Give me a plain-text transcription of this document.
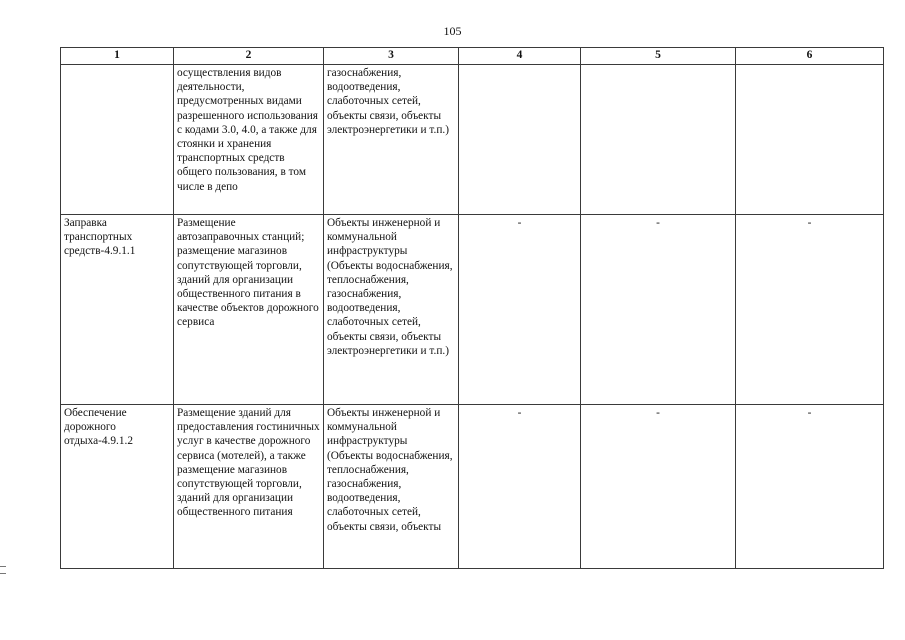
105
1	2	3	4	5	6
	осуществления видов деятельности, предусмотренных видами разрешенного использования с кодами 3.0, 4.0, а также для стоянки и хранения транспортных средств общего пользования, в том числе в депо	газоснабжения, водоотведения, слаботочных сетей, объекты связи, объекты электроэнергетики и т.п.)			
Заправка транспортных средств-4.9.1.1	Размещение автозаправочных станций; размещение магазинов сопутствующей торговли, зданий для организации общественного питания в качестве объектов дорожного сервиса	Объекты инженерной и коммунальной инфраструктуры (Объекты водоснабжения, теплоснабжения, газоснабжения, водоотведения, слаботочных сетей, объекты связи, объекты электроэнергетики и т.п.)	-	-	-
Обеспечение дорожного отдыха-4.9.1.2	Размещение зданий для предоставления гостиничных услуг в качестве дорожного сервиса (мотелей), а также размещение магазинов сопутствующей торговли, зданий для организации общественного питания	Объекты инженерной и коммунальной инфраструктуры (Объекты водоснабжения, теплоснабжения, газоснабжения, водоотведения, слаботочных сетей, объекты связи, объекты	-	-	-
